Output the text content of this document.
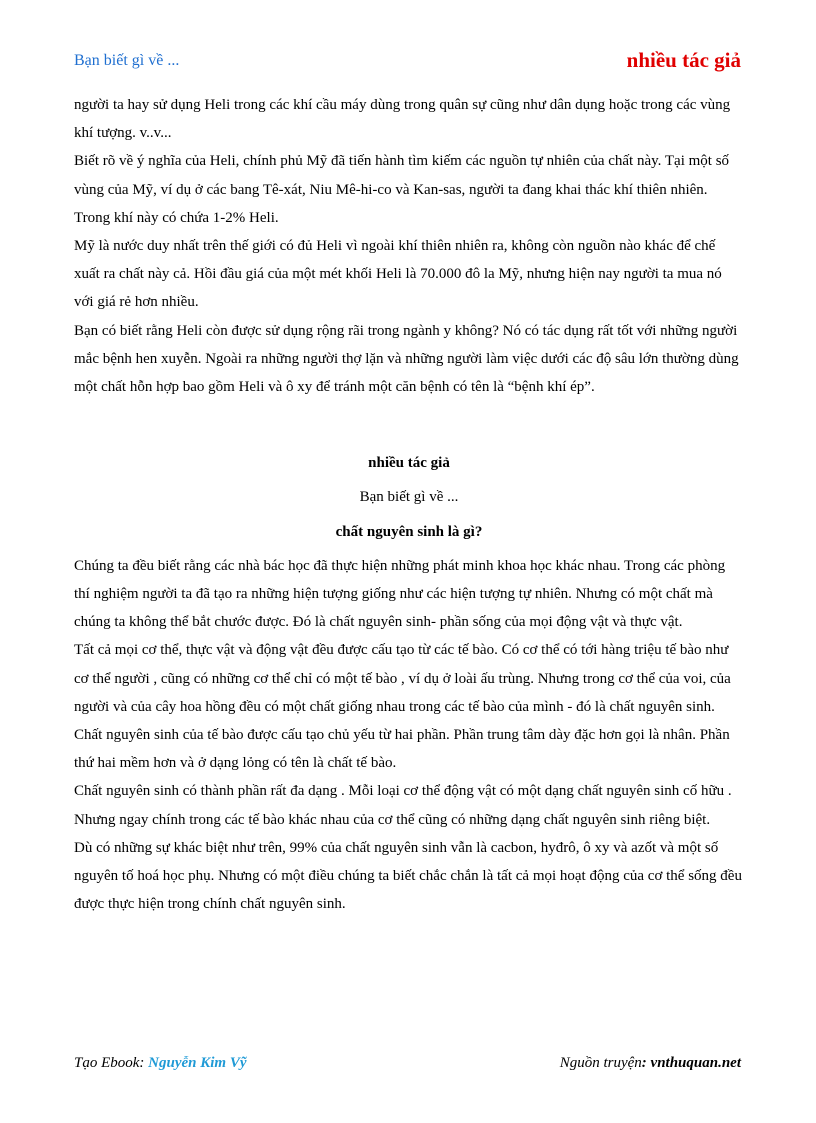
Bạn biết gì về ...	nhiều tác giả

người ta hay sử dụng Heli trong các khí cầu máy dùng trong quân sự cũng như dân dụng hoặc trong các vùng khí tượng. v..v...

Biết rõ về ý nghĩa của Heli, chính phủ Mỹ đã tiến hành tìm kiếm các nguồn tự nhiên của chất này. Tại một số vùng của Mỹ, ví dụ ở các bang Tê-xát, Niu Mê-hi-co và Kan-sas, người ta đang khai thác khí thiên nhiên. Trong khí này có chứa 1-2% Heli.

Mỹ là nước duy nhất trên thế giới có đủ Heli vì ngoài khí thiên nhiên ra, không còn nguồn nào khác để chế xuất ra chất này cả. Hồi đầu giá của một mét khối Heli là 70.000 đô la Mỹ, nhưng hiện nay người ta mua nó với giá rẻ hơn nhiều.

Bạn có biết rằng Heli còn được sử dụng rộng rãi trong ngành y không? Nó có tác dụng rất tốt với những người mắc bệnh hen xuyễn. Ngoài ra những người thợ lặn và những người làm việc dưới các độ sâu lớn thường dùng một chất hỗn hợp bao gồm Heli và ô xy để tránh một căn bệnh có tên là “bệnh khí ép”.

nhiều tác giả

Bạn biết gì về ...

chất nguyên sinh là gì?

Chúng ta đều biết rằng các nhà bác học đã thực hiện những phát minh khoa học khác nhau. Trong các phòng thí nghiệm người ta đã tạo ra những hiện tượng giống như các hiện tượng tự nhiên. Nhưng có một chất mà chúng ta không thể bắt chước được. Đó là chất nguyên sinh- phần sống của mọi động vật và thực vật.

Tất cả mọi cơ thể, thực vật và động vật đều được cấu tạo từ các tế bào. Có cơ thể có tới hàng triệu tế bào như cơ thể người , cũng có những cơ thể chỉ có một tế bào , ví dụ ở loài ấu trùng. Nhưng trong cơ thể của voi, của người và của cây hoa hồng đều có một chất giống nhau trong các tế bào của mình - đó là chất nguyên sinh.

Chất nguyên sinh của tế bào được cấu tạo chủ yếu từ hai phần. Phần trung tâm dày đặc hơn gọi là nhân. Phần thứ hai mềm hơn và ở dạng lỏng có tên là chất tế bào.

Chất nguyên sinh có thành phần rất đa dạng . Mỗi loại cơ thể động vật có một dạng chất nguyên sinh cố hữu . Nhưng ngay chính trong các tế bào khác nhau của cơ thể cũng có những dạng chất nguyên sinh riêng biệt.

Dù có những sự khác biệt như trên, 99% của chất nguyên sinh vẫn là cacbon, hyđrô, ô xy và azốt và một số nguyên tố hoá học phụ. Nhưng có một điều chúng ta biết chắc chắn là tất cả mọi hoạt động của cơ thể sống đều được thực hiện trong chính chất nguyên sinh.

Tạo Ebook: Nguyễn Kim Vỹ	Nguồn truyện: vnthuquan.net
